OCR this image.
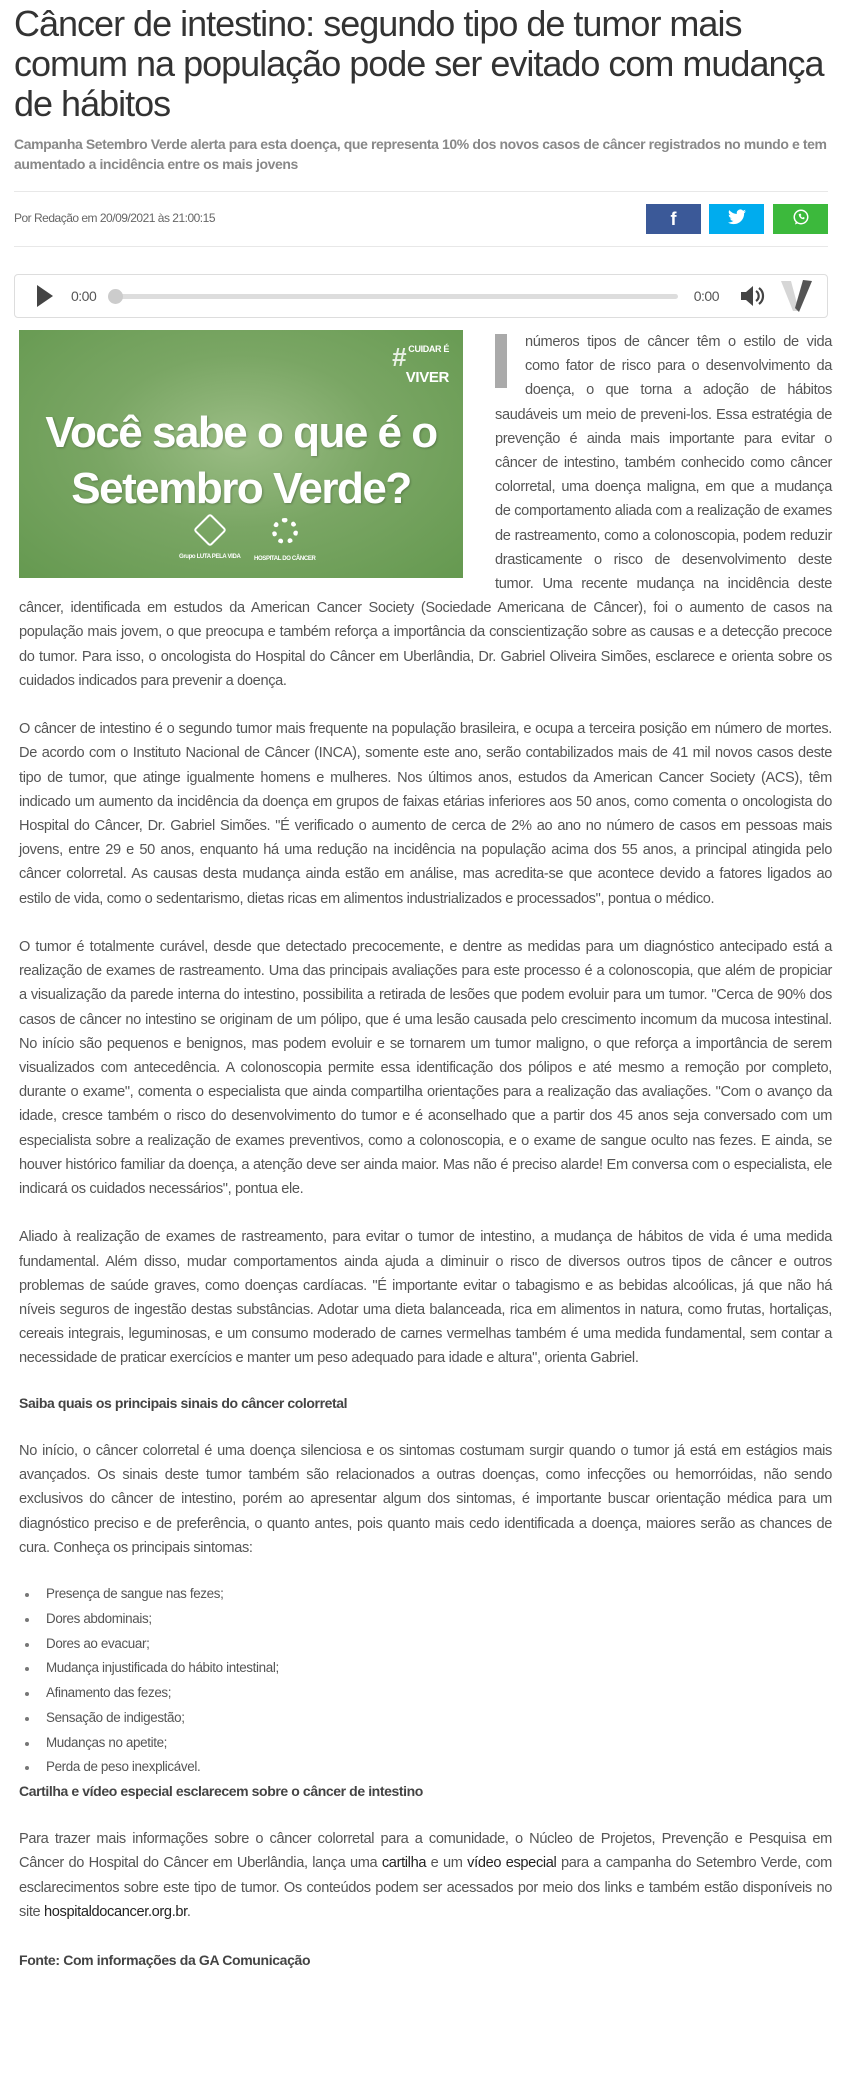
Câncer de intestino: segundo tipo de tumor mais comum na população pode ser evitado com mudança de hábitos
Campanha Setembro Verde alerta para esta doença, que representa 10% dos novos casos de câncer registrados no mundo e tem aumentado a incidência entre os mais jovens
Por Redação em 20/09/2021 às 21:00:15	f
0:00	0:00
# CUIDAR É
VIVER
Você sabe o que é o Setembro Verde?
Grupo LUTA PELA VIDA HOSPITAL DO CÂNCER

números tipos de câncer têm o estilo de vida como fator de risco para o desenvolvimento da doença, o que torna a adoção de hábitos saudáveis um meio de preveni-los. Essa estratégia de prevenção é ainda mais importante para evitar o câncer de intestino, também conhecido como câncer colorretal, uma doença maligna, em que a mudança de comportamento aliada com a realização de exames de rastreamento, como a colonoscopia, podem reduzir drasticamente o risco de desenvolvimento deste tumor. Uma recente mudança na incidência deste câncer, identificada em estudos da American Cancer Society (Sociedade Americana de Câncer), foi o aumento de casos na população mais jovem, o que preocupa e também reforça a importância da conscientização sobre as causas e a detecção precoce do tumor. Para isso, o oncologista do Hospital do Câncer em Uberlândia, Dr. Gabriel Oliveira Simões, esclarece e orienta sobre os cuidados indicados para prevenir a doença.

O câncer de intestino é o segundo tumor mais frequente na população brasileira, e ocupa a terceira posição em número de mortes. De acordo com o Instituto Nacional de Câncer (INCA), somente este ano, serão contabilizados mais de 41 mil novos casos deste tipo de tumor, que atinge igualmente homens e mulheres. Nos últimos anos, estudos da American Cancer Society (ACS), têm indicado um aumento da incidência da doença em grupos de faixas etárias inferiores aos 50 anos, como comenta o oncologista do Hospital do Câncer, Dr. Gabriel Simões. "É verificado o aumento de cerca de 2% ao ano no número de casos em pessoas mais jovens, entre 29 e 50 anos, enquanto há uma redução na incidência na população acima dos 55 anos, a principal atingida pelo câncer colorretal. As causas desta mudança ainda estão em análise, mas acredita-se que acontece devido a fatores ligados ao estilo de vida, como o sedentarismo, dietas ricas em alimentos industrializados e processados", pontua o médico.

O tumor é totalmente curável, desde que detectado precocemente, e dentre as medidas para um diagnóstico antecipado está a realização de exames de rastreamento. Uma das principais avaliações para este processo é a colonoscopia, que além de propiciar a visualização da parede interna do intestino, possibilita a retirada de lesões que podem evoluir para um tumor. "Cerca de 90% dos casos de câncer no intestino se originam de um pólipo, que é uma lesão causada pelo crescimento incomum da mucosa intestinal. No início são pequenos e benignos, mas podem evoluir e se tornarem um tumor maligno, o que reforça a importância de serem visualizados com antecedência. A colonoscopia permite essa identificação dos pólipos e até mesmo a remoção por completo, durante o exame", comenta o especialista que ainda compartilha orientações para a realização das avaliações. "Com o avanço da idade, cresce também o risco do desenvolvimento do tumor e é aconselhado que a partir dos 45 anos seja conversado com um especialista sobre a realização de exames preventivos, como a colonoscopia, e o exame de sangue oculto nas fezes. E ainda, se houver histórico familiar da doença, a atenção deve ser ainda maior. Mas não é preciso alarde! Em conversa com o especialista, ele indicará os cuidados necessários", pontua ele.

Aliado à realização de exames de rastreamento, para evitar o tumor de intestino, a mudança de hábitos de vida é uma medida fundamental. Além disso, mudar comportamentos ainda ajuda a diminuir o risco de diversos outros tipos de câncer e outros problemas de saúde graves, como doenças cardíacas. "É importante evitar o tabagismo e as bebidas alcoólicas, já que não há níveis seguros de ingestão destas substâncias. Adotar uma dieta balanceada, rica em alimentos in natura, como frutas, hortaliças, cereais integrais, leguminosas, e um consumo moderado de carnes vermelhas também é uma medida fundamental, sem contar a necessidade de praticar exercícios e manter um peso adequado para idade e altura", orienta Gabriel.

Saiba quais os principais sinais do câncer colorretal

No início, o câncer colorretal é uma doença silenciosa e os sintomas costumam surgir quando o tumor já está em estágios mais avançados. Os sinais deste tumor também são relacionados a outras doenças, como infecções ou hemorróidas, não sendo exclusivos do câncer de intestino, porém ao apresentar algum dos sintomas, é importante buscar orientação médica para um diagnóstico preciso e de preferência, o quanto antes, pois quanto mais cedo identificada a doença, maiores serão as chances de cura. Conheça os principais sintomas:

Presença de sangue nas fezes;
Dores abdominais;
Dores ao evacuar;
Mudança injustificada do hábito intestinal;
Afinamento das fezes;
Sensação de indigestão;
Mudanças no apetite;
Perda de peso inexplicável.
Cartilha e vídeo especial esclarecem sobre o câncer de intestino

Para trazer mais informações sobre o câncer colorretal para a comunidade, o Núcleo de Projetos, Prevenção e Pesquisa em Câncer do Hospital do Câncer em Uberlândia, lança uma cartilha e um vídeo especial para a campanha do Setembro Verde, com esclarecimentos sobre este tipo de tumor. Os conteúdos podem ser acessados por meio dos links e também estão disponíveis no site hospitaldocancer.org.br.

Fonte: Com informações da GA Comunicação
